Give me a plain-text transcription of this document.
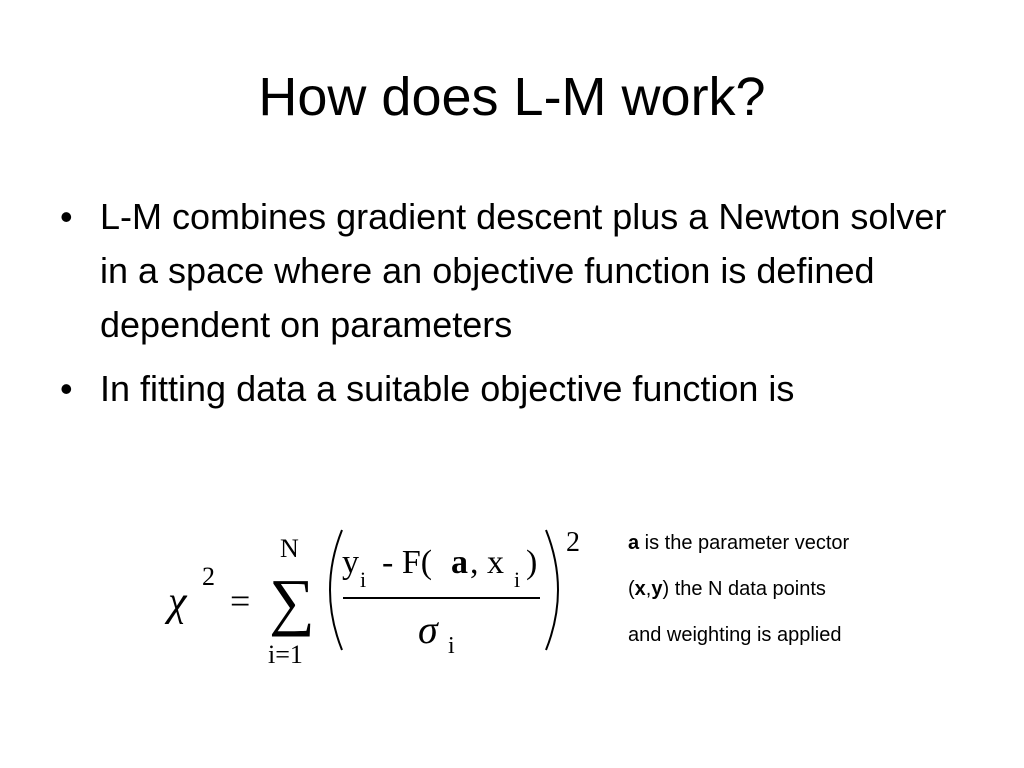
How does L-M work?
• L-M combines gradient descent plus a Newton solver in a space where an objective function is defined dependent on parameters
• In fitting data a suitable objective function is
χ
2
=
N
∑
i=1
y i - F( a , x i )
σ i
2 a is the parameter vector
(x,y) the N data points
and weighting is applied
